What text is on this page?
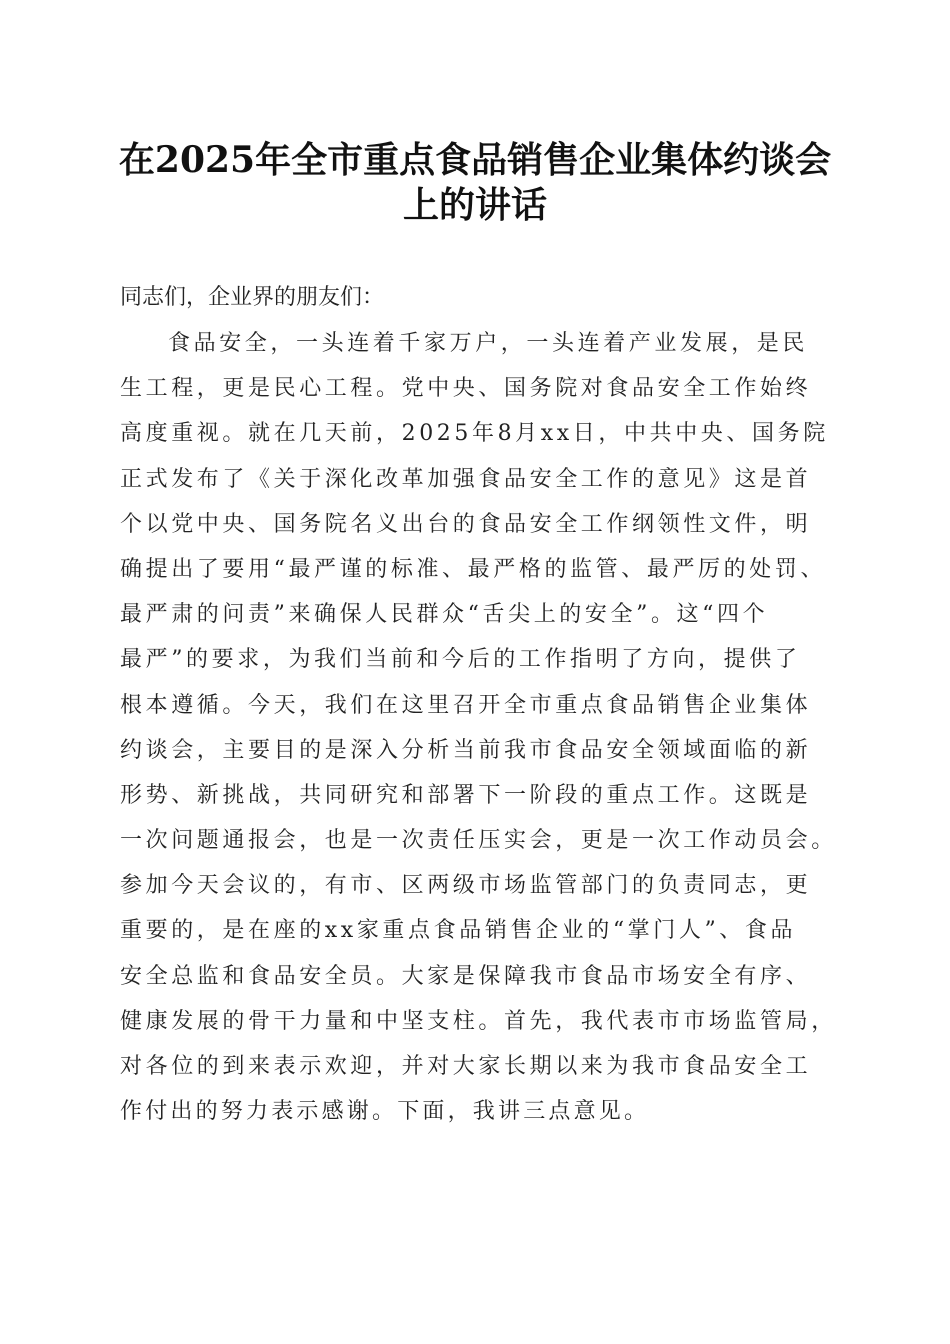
在2025年全市重点食品销售企业集体约谈会
上的讲话

同志们，企业界的朋友们：

食品安全，一头连着千家万户，一头连着产业发展，是民
生工程，更是民心工程。党中央、国务院对食品安全工作始终
高度重视。就在几天前，2025年8月xx日，中共中央、国务院
正式发布了《关于深化改革加强食品安全工作的意见》这是首
个以党中央、国务院名义出台的食品安全工作纲领性文件，明
确提出了要用“最严谨的标准、最严格的监管、最严厉的处罚、
最严肃的问责”来确保人民群众“舌尖上的安全”。这“四个
最严”的要求，为我们当前和今后的工作指明了方向，提供了
根本遵循。今天，我们在这里召开全市重点食品销售企业集体
约谈会，主要目的是深入分析当前我市食品安全领域面临的新
形势、新挑战，共同研究和部署下一阶段的重点工作。这既是
一次问题通报会，也是一次责任压实会，更是一次工作动员会。
参加今天会议的，有市、区两级市场监管部门的负责同志，更
重要的，是在座的xx家重点食品销售企业的“掌门人”、食品
安全总监和食品安全员。大家是保障我市食品市场安全有序、
健康发展的骨干力量和中坚支柱。首先，我代表市市场监管局，
对各位的到来表示欢迎，并对大家长期以来为我市食品安全工
作付出的努力表示感谢。下面，我讲三点意见。
